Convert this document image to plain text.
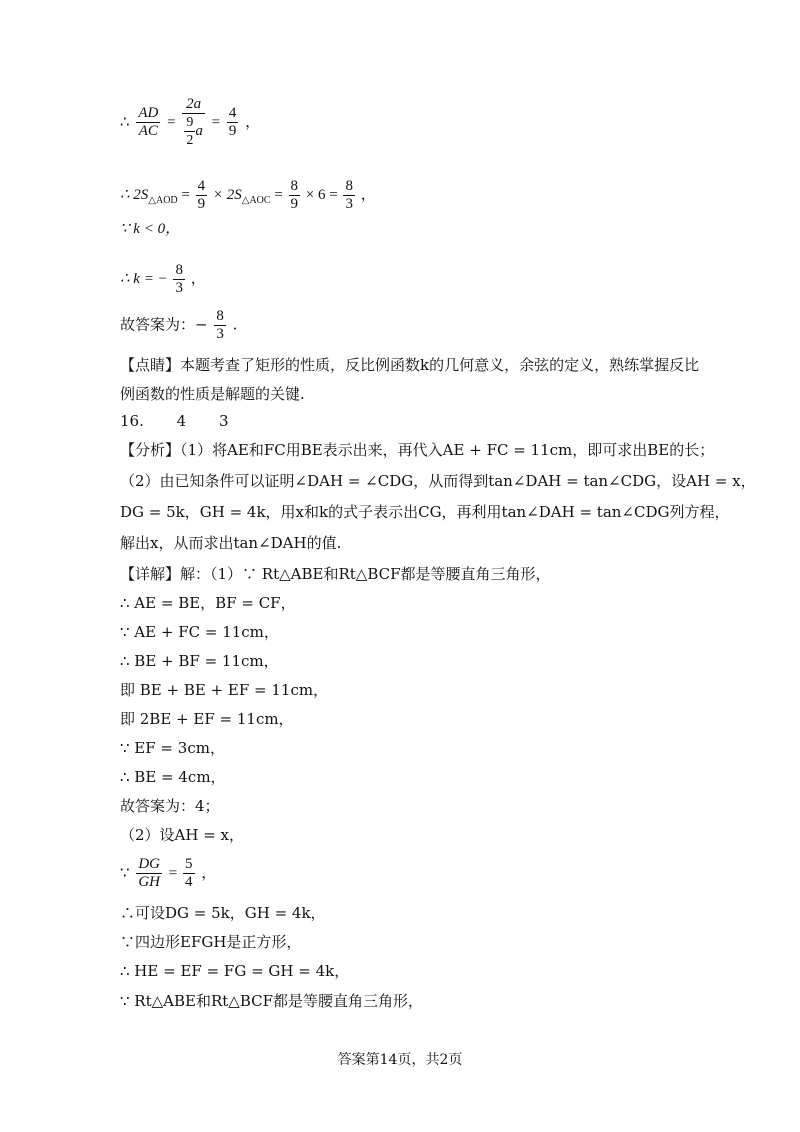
∴ $\frac{AD}{AC} = \frac{2a}{\frac{9}{2} a} = \frac{4}{9}$ ，
∴ $2S_{\triangle AOD} = \frac{4}{9} \times 2S_{\triangle AOC} = \frac{8}{9} \times 6 = \frac{8}{3}$ ，
∵ k < 0，
∴ k = − $\frac{8}{3}$ ，
故答案为：− $\frac{8}{3}$ .
【点睛】本题考查了矩形的性质，反比例函数k的几何意义，余弦的定义，熟练掌握反比
例函数的性质是解题的关键.
16. 4 3
【分析】（1）将AE和FC用BE表示出来，再代入AE + FC = 11cm，即可求出BE的长；
（2）由已知条件可以证明∠DAH = ∠CDG，从而得到tan∠DAH = tan∠CDG，设AH = x，
DG = 5k，GH = 4k，用x和k的式子表示出CG，再利用tan∠DAH = tan∠CDG列方程，
解出x，从而求出tan∠DAH的值.
【详解】解：（1）∵ Rt△ABE和Rt△BCF都是等腰直角三角形，
∴ AE = BE，BF = CF，
∵ AE + FC = 11cm，
∴ BE + BF = 11cm，
即 BE + BE + EF = 11cm，
即 2BE + EF = 11cm，
∵ EF = 3cm，
∴ BE = 4cm，
故答案为：4；
（2）设AH = x，
∵ $\frac{DG}{GH} = \frac{5}{4}$ ，
∴可设DG = 5k，GH = 4k，
∵四边形EFGH是正方形，
∴ HE = EF = FG = GH = 4k，
∵ Rt△ABE和Rt△BCF都是等腰直角三角形，
答案第14页，共2页
